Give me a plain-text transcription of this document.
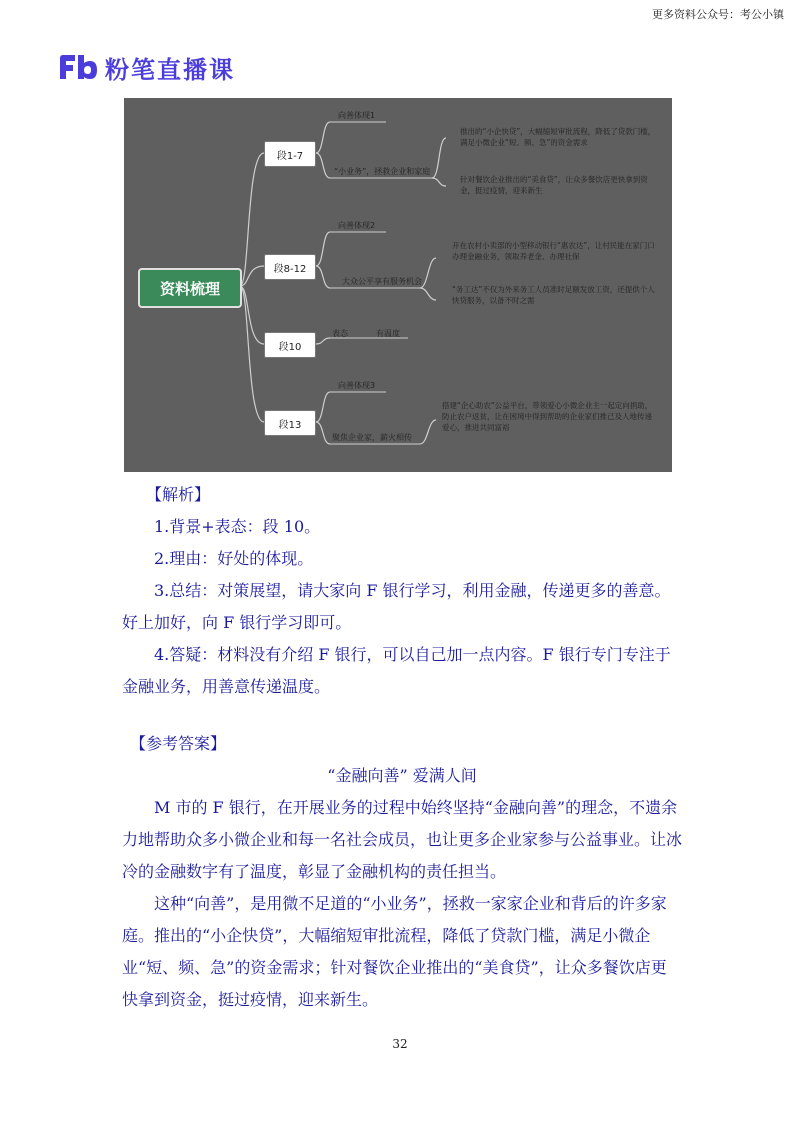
更多资料公众号：考公小镇
粉笔直播课
资料梳理
段1-7
段8-12
段10
段13
向善体现1
“小业务”，拯救企业和家庭
推出的“小企快贷”，大幅缩短审批流程，降低了贷款门槛，满足小微企业“短、频、急”的资金需求
针对餐饮企业推出的“美食贷”，让众多餐饮店更快拿到资金，挺过疫情，迎来新生
向善体现2
大众公平享有服务机会
开在农村小卖部的小型移动银行“惠农达”，让村民能在家门口办理金融业务，领取养老金、办理社保
“务工达”不仅为外来务工人员准时足额发放工资，还提供个人快贷服务，以备不时之需
表态	有温度
向善体现3
聚焦企业家，薪火相传
搭建“企心助农”公益平台，带领爱心小微企业主一起定向捐助，防止农户返贫，让在困境中得到帮助的企业家们推己及人地传递爱心，推进共同富裕

【解析】

1.背景+表态：段 10。

2.理由：好处的体现。

3.总结：对策展望，请大家向 F 银行学习，利用金融，传递更多的善意。好上加好，向 F 银行学习即可。

4.答疑：材料没有介绍 F 银行，可以自己加一点内容。F 银行专门专注于金融业务，用善意传递温度。

【参考答案】

“金融向善” 爱满人间

M 市的 F 银行，在开展业务的过程中始终坚持“金融向善”的理念，不遗余力地帮助众多小微企业和每一名社会成员，也让更多企业家参与公益事业。让冰冷的金融数字有了温度，彰显了金融机构的责任担当。

这种“向善”，是用微不足道的“小业务”，拯救一家家企业和背后的许多家庭。推出的“小企快贷”，大幅缩短审批流程，降低了贷款门槛，满足小微企业“短、频、急”的资金需求；针对餐饮企业推出的“美食贷”，让众多餐饮店更快拿到资金，挺过疫情，迎来新生。

32
